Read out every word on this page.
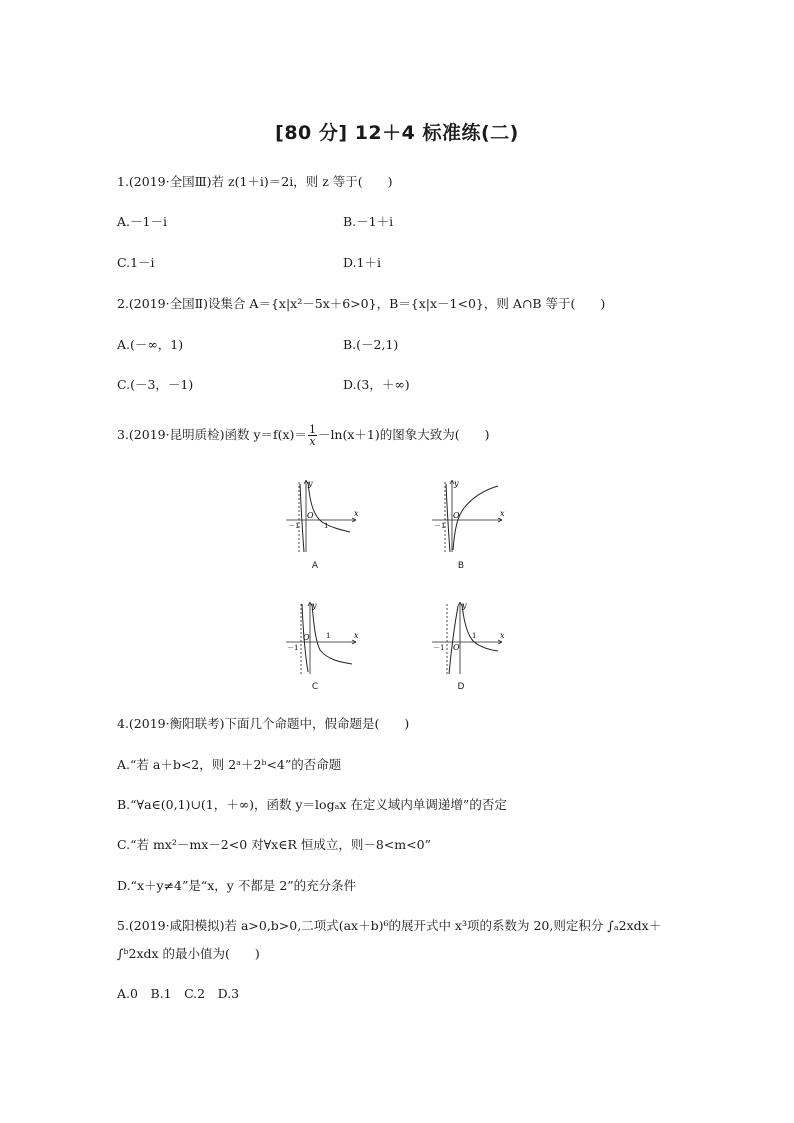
[80 分] 12＋4 标准练(二)
1.(2019·全国Ⅲ)若 z(1＋i)＝2i，则 z 等于(　　)
A.－1－i	B.－1＋i
C.1－i	D.1＋i
2.(2019·全国Ⅱ)设集合 A＝{x|x²－5x＋6>0}，B＝{x|x－1<0}，则 A∩B 等于(　　)
A.(－∞，1)	B.(－2,1)
C.(－3，－1)	D.(3，＋∞)
3.(2019·昆明质检)函数 $y=f(x)= \frac{1}{x} -\ln(x+1)$的图象大致为(　　)
y
x
O
－1	1
A
y
x
O
－1
B
y
x
O
－1
1
C
y
x
O
－1
1
D
4.(2019·衡阳联考)下面几个命题中，假命题是(　　)
A.“若 a＋b<2，则 2ᵃ＋2ᵇ<4”的否命题
B.“∀a∈(0,1)∪(1，＋∞)，函数 y＝logₐx 在定义域内单调递增”的否定
C.“若 mx²－mx－2<0 对∀x∈R 恒成立，则－8<m<0”
D.“x＋y≠4”是“x，y 不都是 2”的充分条件
5.(2019·咸阳模拟)若 a>0,b>0,二项式(ax＋b)⁶的展开式中 x³项的系数为 20,则定积分 ∫ₐ2xdx＋
∫ᵇ2xdx 的最小值为(　　)
A.0　B.1　C.2　D.3
